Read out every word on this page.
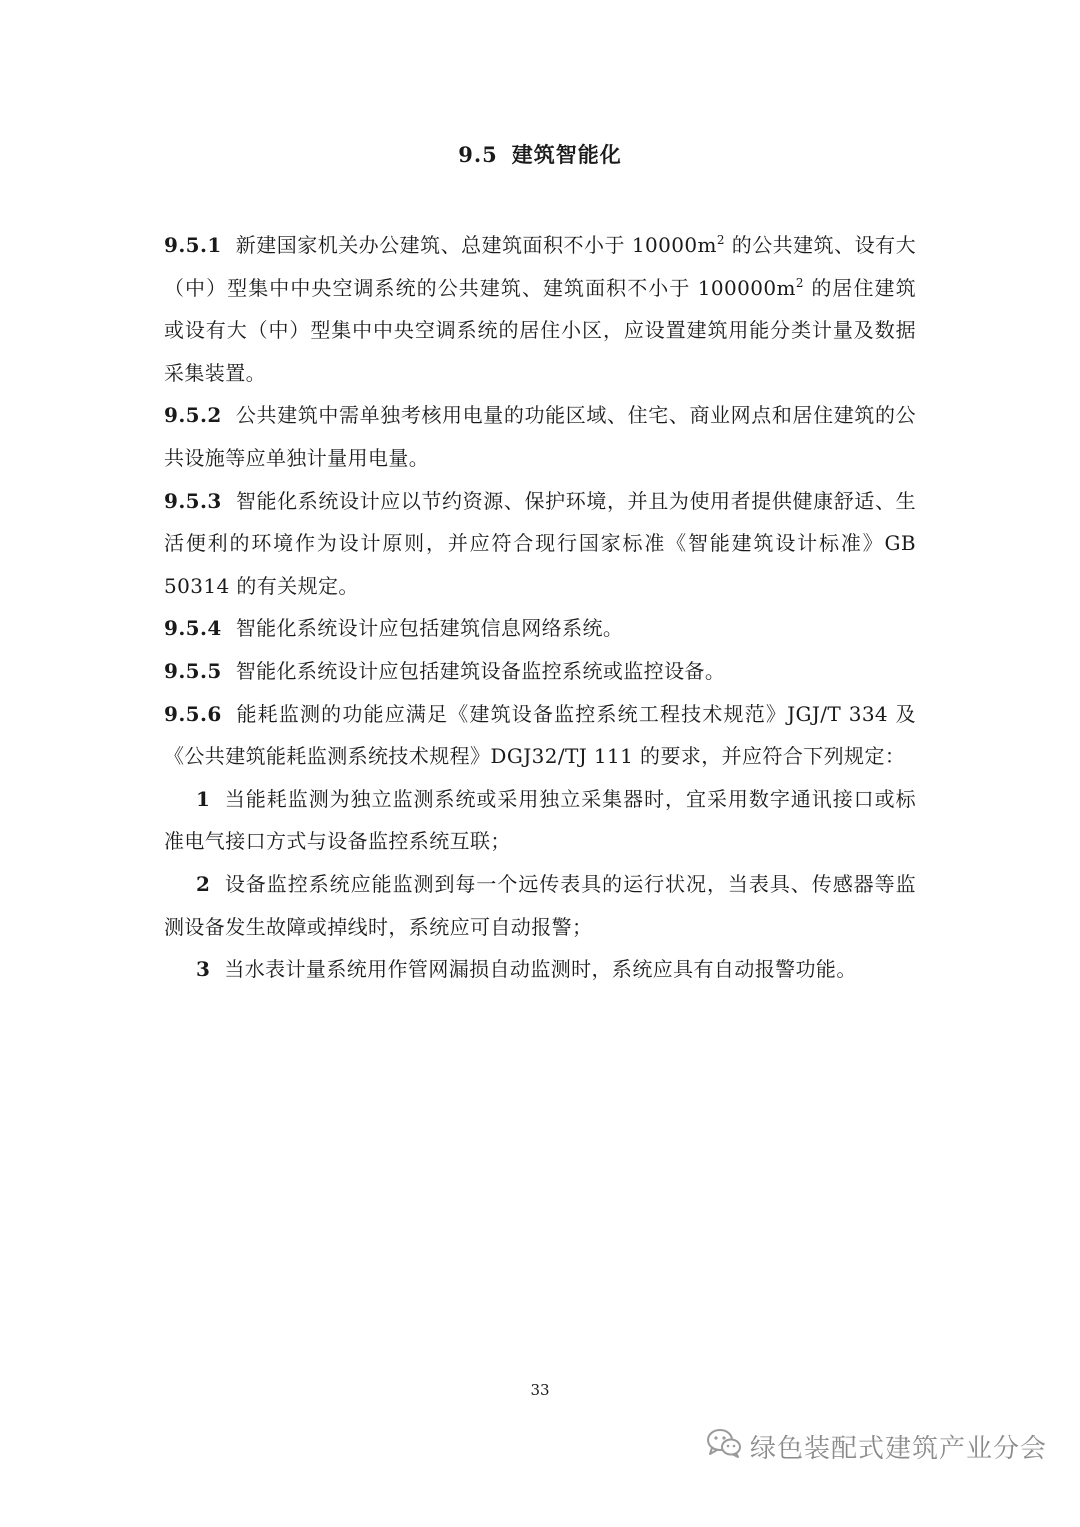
9.5 建筑智能化

9.5.1 新建国家机关办公建筑、总建筑面积不小于 $10000m^2$ 的公共建筑、设有大（中）型集中中央空调系统的公共建筑、建筑面积不小于 $100000m^2$ 的居住建筑或设有大（中）型集中中央空调系统的居住小区，应设置建筑用能分类计量及数据采集装置。

9.5.2 公共建筑中需单独考核用电量的功能区域、住宅、商业网点和居住建筑的公共设施等应单独计量用电量。

9.5.3 智能化系统设计应以节约资源、保护环境，并且为使用者提供健康舒适、生活便利的环境作为设计原则，并应符合现行国家标准《智能建筑设计标准》GB 50314 的有关规定。

9.5.4 智能化系统设计应包括建筑信息网络系统。

9.5.5 智能化系统设计应包括建筑设备监控系统或监控设备。

9.5.6 能耗监测的功能应满足《建筑设备监控系统工程技术规范》JGJ/T 334 及《公共建筑能耗监测系统技术规程》DGJ32/TJ 111 的要求，并应符合下列规定：

1 当能耗监测为独立监测系统或采用独立采集器时，宜采用数字通讯接口或标准电气接口方式与设备监控系统互联；

2 设备监控系统应能监测到每一个远传表具的运行状况，当表具、传感器等监测设备发生故障或掉线时，系统应可自动报警；

3 当水表计量系统用作管网漏损自动监测时，系统应具有自动报警功能。

33
绿色装配式建筑产业分会
